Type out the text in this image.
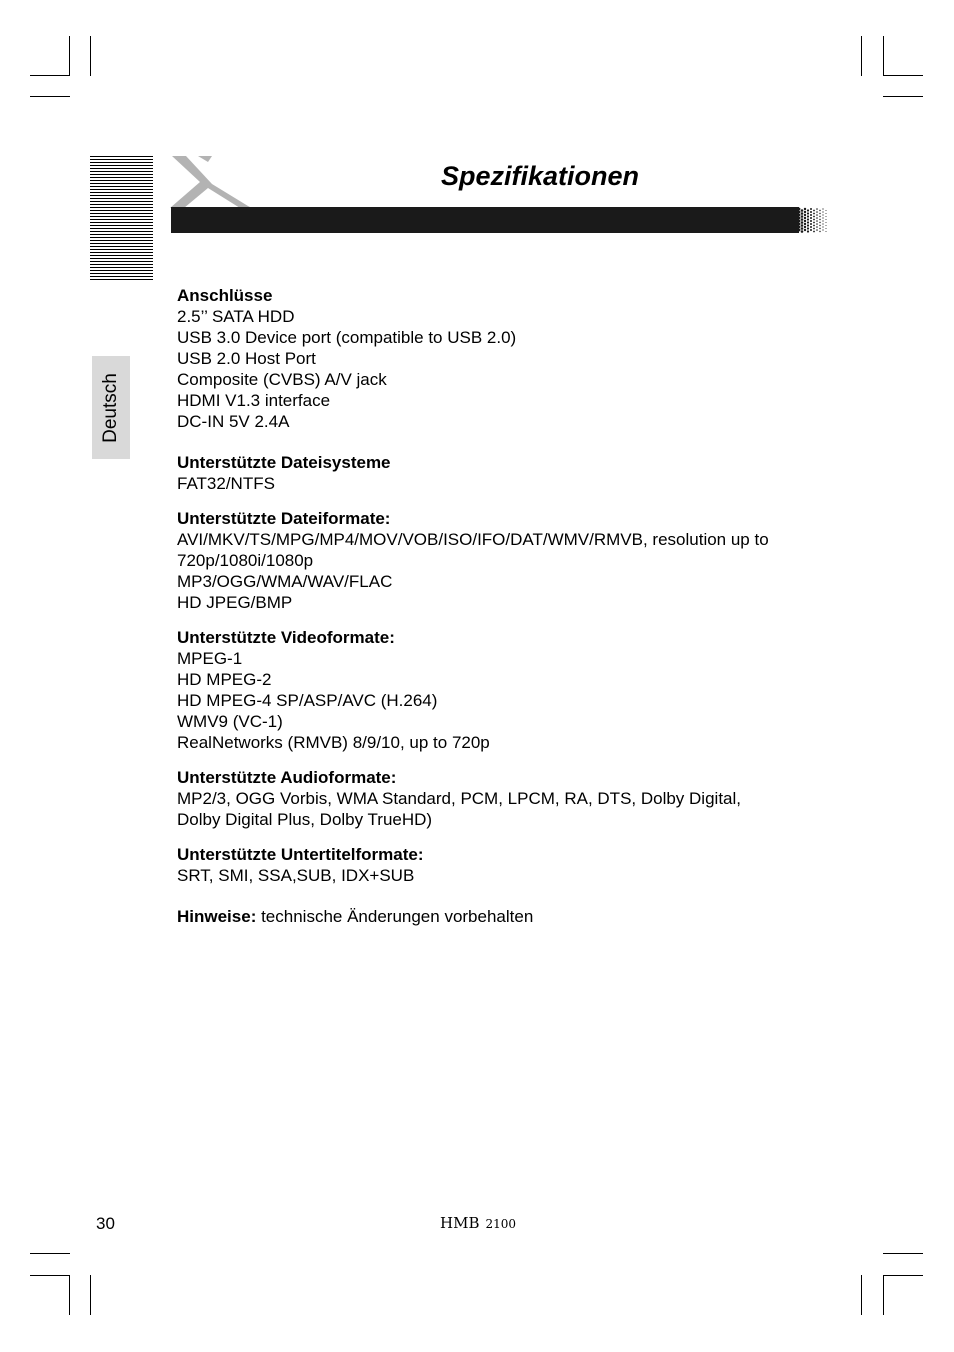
Deutsch
Spezifikationen
Anschlüsse
2.5’’ SATA HDD
USB 3.0 Device port (compatible to USB 2.0)
USB 2.0 Host Port
Composite (CVBS) A/V jack
HDMI V1.3 interface
DC-IN 5V 2.4A
Unterstützte Dateisysteme
FAT32/NTFS
Unterstützte Dateiformate:
AVI/MKV/TS/MPG/MP4/MOV/VOB/ISO/IFO/DAT/WMV/RMVB, resolution up to
720p/1080i/1080p
MP3/OGG/WMA/WAV/FLAC
HD JPEG/BMP
Unterstützte Videoformate:
MPEG-1
HD MPEG-2
HD MPEG-4 SP/ASP/AVC (H.264)
WMV9 (VC-1)
RealNetworks (RMVB) 8/9/10, up to 720p
Unterstützte Audioformate:
MP2/3, OGG Vorbis, WMA Standard, PCM, LPCM, RA, DTS, Dolby Digital,
Dolby Digital Plus, Dolby TrueHD)
Unterstützte Untertitelformate:
SRT, SMI, SSA,SUB, IDX+SUB
Hinweise: technische Änderungen vorbehalten
30	HMB 2100
